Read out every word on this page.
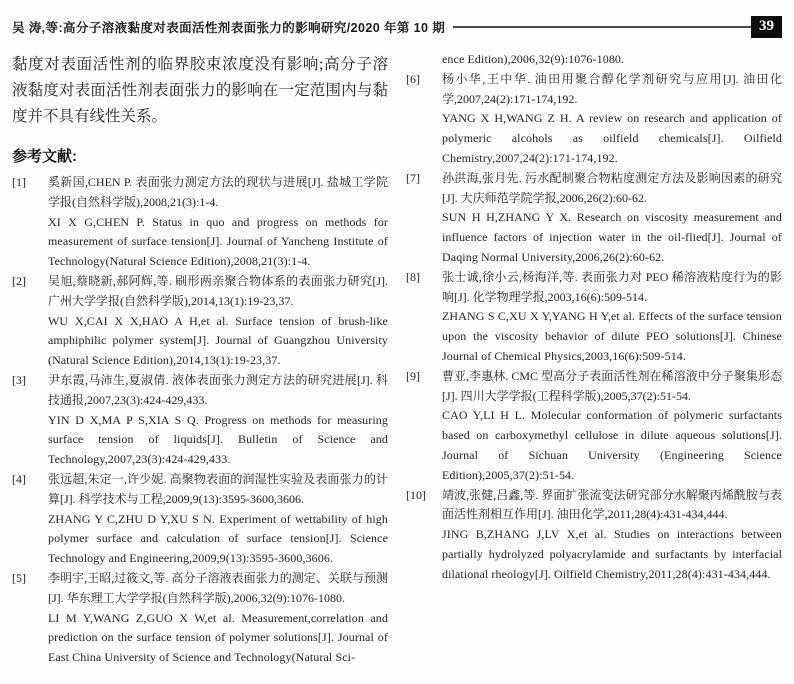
吴 涛,等:高分子溶液黏度对表面活性剂表面张力的影响研究/2020 年第 10 期	39

黏度对表面活性剂的临界胶束浓度没有影响;高分子溶液黏度对表面活性剂表面张力的影响在一定范围内与黏度并不具有线性关系。

参考文献:
[1] 奚新国,CHEN P. 表面张力测定方法的现状与进展[J]. 盐城工学院学报(自然科学版),2008,21(3):1-4.

XI X G,CHEN P. Status in quo and progress on methods for measurement of surface tension[J]. Journal of Yancheng Institute of Technology(Natural Science Edition),2008,21(3):1-4.

[2] 吴旭,蔡晓新,郝阿辉,等. 刷形两亲聚合物体系的表面张力研究[J]. 广州大学学报(自然科学版),2014,13(1):19-23,37.

WU X,CAI X X,HAO A H,et al. Surface tension of brush-like amphiphilic polymer system[J]. Journal of Guangzhou University (Natural Science Edition),2014,13(1):19-23,37.

[3] 尹东霞,马沛生,夏淑倩. 液体表面张力测定方法的研究进展[J]. 科技通报,2007,23(3):424-429,433.

YIN D X,MA P S,XIA S Q. Progress on methods for measuring surface tension of liquids[J]. Bulletin of Science and Technology,2007,23(3):424-429,433.

[4] 张远超,朱定一,许少妮. 高聚物表面的润湿性实验及表面张力的计算[J]. 科学技术与工程,2009,9(13):3595-3600,3606.

ZHANG Y C,ZHU D Y,XU S N. Experiment of wettability of high polymer surface and calculation of surface tension[J]. Science Technology and Engineering,2009,9(13):3595-3600,3606.

[5] 李明宇,王昭,过筱文,等. 高分子溶液表面张力的测定、关联与预测[J]. 华东理工大学学报(自然科学版),2006,32(9):1076-1080.

LI M Y,WANG Z,GUO X W,et al. Measurement,correlation and prediction on the surface tension of polymer solutions[J]. Journal of East China University of Science and Technology(Natural Sci-

ence Edition),2006,32(9):1076-1080.

[6] 杨小华,王中华. 油田用聚合醇化学剂研究与应用[J]. 油田化学,2007,24(2):171-174,192.

YANG X H,WANG Z H. A review on research and application of polymeric alcohols as oilfield chemicals[J]. Oilfield Chemistry,2007,24(2):171-174,192.

[7] 孙洪海,张月先. 污水配制聚合物粘度测定方法及影响因素的研究[J]. 大庆师范学院学报,2006,26(2):60-62.

SUN H H,ZHANG Y X. Research on viscosity measurement and influence factors of injection water in the oil-flied[J]. Journal of Daqing Normal University,2006,26(2):60-62.

[8] 张士诚,徐小云,杨海洋,等. 表面张力对 PEO 稀溶液粘度行为的影响[J]. 化学物理学报,2003,16(6):509-514.

ZHANG S C,XU X Y,YANG H Y,et al. Effects of the surface tension upon the viscosity behavior of dilute PEO solutions[J]. Chinese Journal of Chemical Physics,2003,16(6):509-514.

[9] 曹亚,李惠林. CMC 型高分子表面活性剂在稀溶液中分子聚集形态[J]. 四川大学学报(工程科学版),2005,37(2):51-54.

CAO Y,LI H L. Molecular conformation of polymeric surfactants based on carboxymethyl cellulose in dilute aqueous solutions[J]. Journal of Sichuan University (Engineering Science Edition),2005,37(2):51-54.

[10] 靖波,张健,吕鑫,等. 界面扩张流变法研究部分水解聚丙烯酰胺与表面活性剂相互作用[J]. 油田化学,2011,28(4):431-434,444.

JING B,ZHANG J,LV X,et al. Studies on interactions between partially hydrolyzed polyacrylamide and surfactants by interfacial dilational rheology[J]. Oilfield Chemistry,2011,28(4):431-434,444.
